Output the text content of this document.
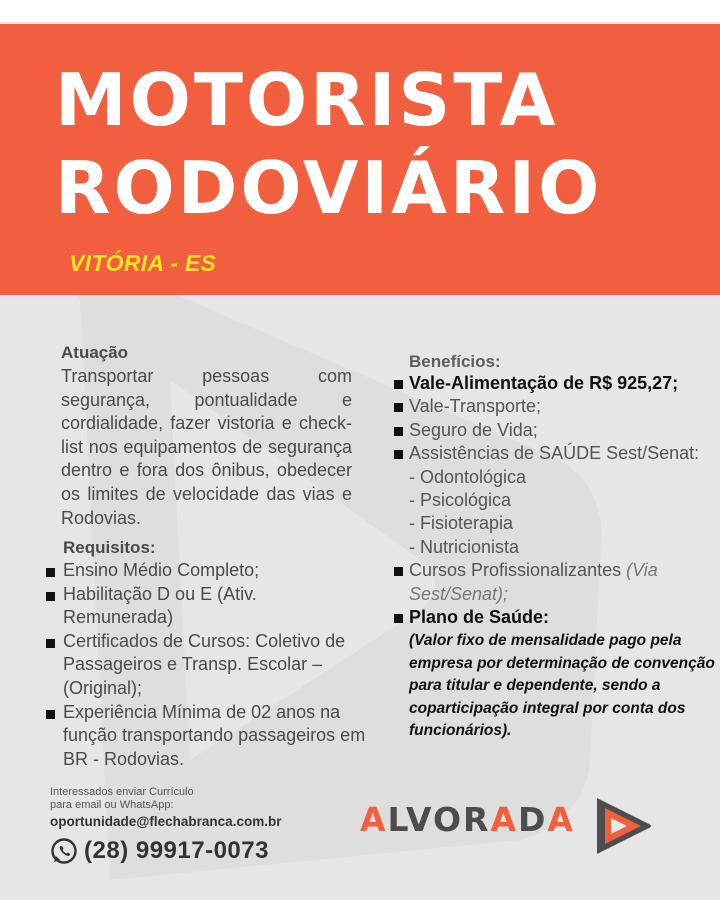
MOTORISTA
RODOVIÁRIO
VITÓRIA - ES
Atuação
Transportar pessoas com segurança, pontualidade e cordialidade, fazer vistoria e check-list nos equipamentos de segurança dentro e fora dos ônibus, obedecer os limites de velocidade das vias e Rodovias.
Requisitos:
Ensino Médio Completo;
Habilitação D ou E (Ativ. Remunerada)
Certificados de Cursos: Coletivo de Passageiros e Transp. Escolar – (Original);
Experiência Mínima de 02 anos na função transportando passageiros em BR - Rodovias.
Benefícios:
Vale-Alimentação de R$ 925,27;
Vale-Transporte;
Seguro de Vida;
Assistências de SAÚDE Sest/Senat:
- Odontológica
- Psicológica
- Fisioterapia
- Nutricionista
Cursos Profissionalizantes (Via Sest/Senat);
Plano de Saúde:
(Valor fixo de mensalidade pago pela empresa por determinação de convenção para titular e dependente, sendo a coparticipação integral por conta dos funcionários).
Interessados enviar Currículo
para email ou WhatsApp:
oportunidade@flechabranca.com.br
(28) 99917-0073
ALVORADA
